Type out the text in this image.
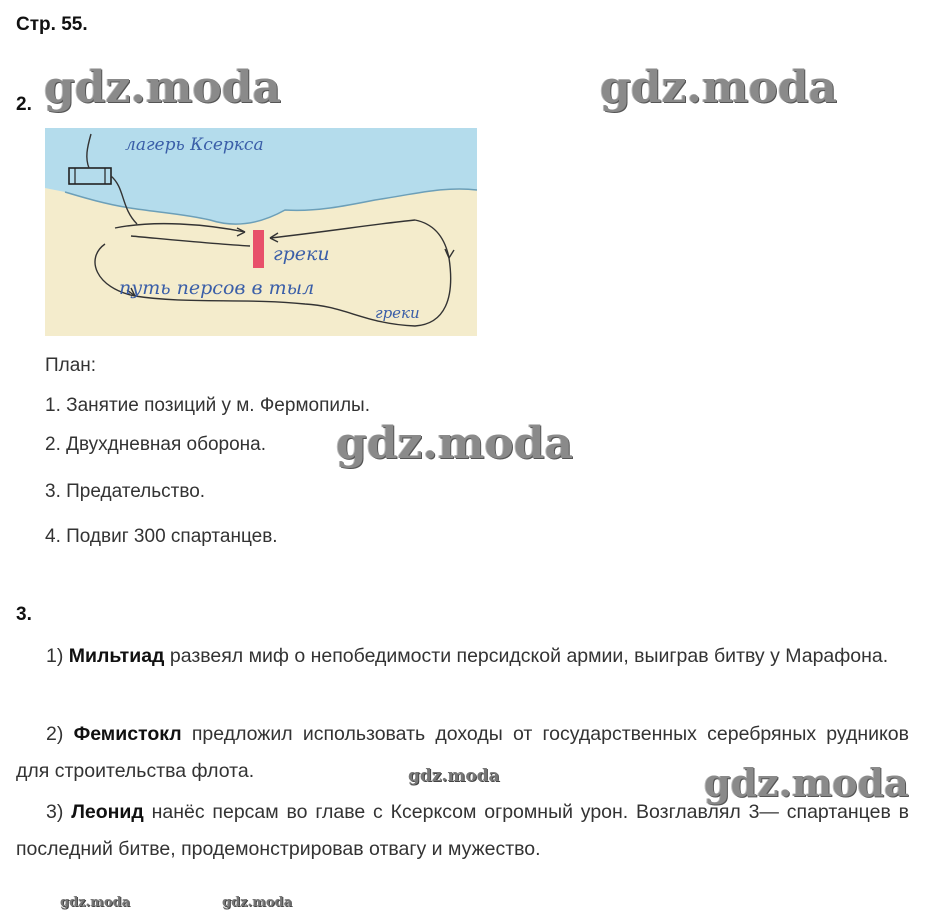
Стр. 55.
2. gdz.moda	gdz.moda
gdz.moda
gdz.moda	gdz.moda
gdz.moda
gdz.moda
лагерь Ксеркса
греки
путь персов в тыл
греки
План:
1. Занятие позиций у м. Фермопилы.
2. Двухдневная оборона.
3. Предательство.
4. Подвиг 300 спартанцев.
3.
1) Мильтиад развеял миф о непобедимости персидской армии, выиграв битву у Марафона.
2) Фемистокл предложил использовать доходы от государственных серебряных рудников для строительства флота.
3) Леонид нанёс персам во главе с Ксерксом огромный урон. Возглавлял 3— спартанцев в последний битве, продемонстрировав отвагу и мужество.
